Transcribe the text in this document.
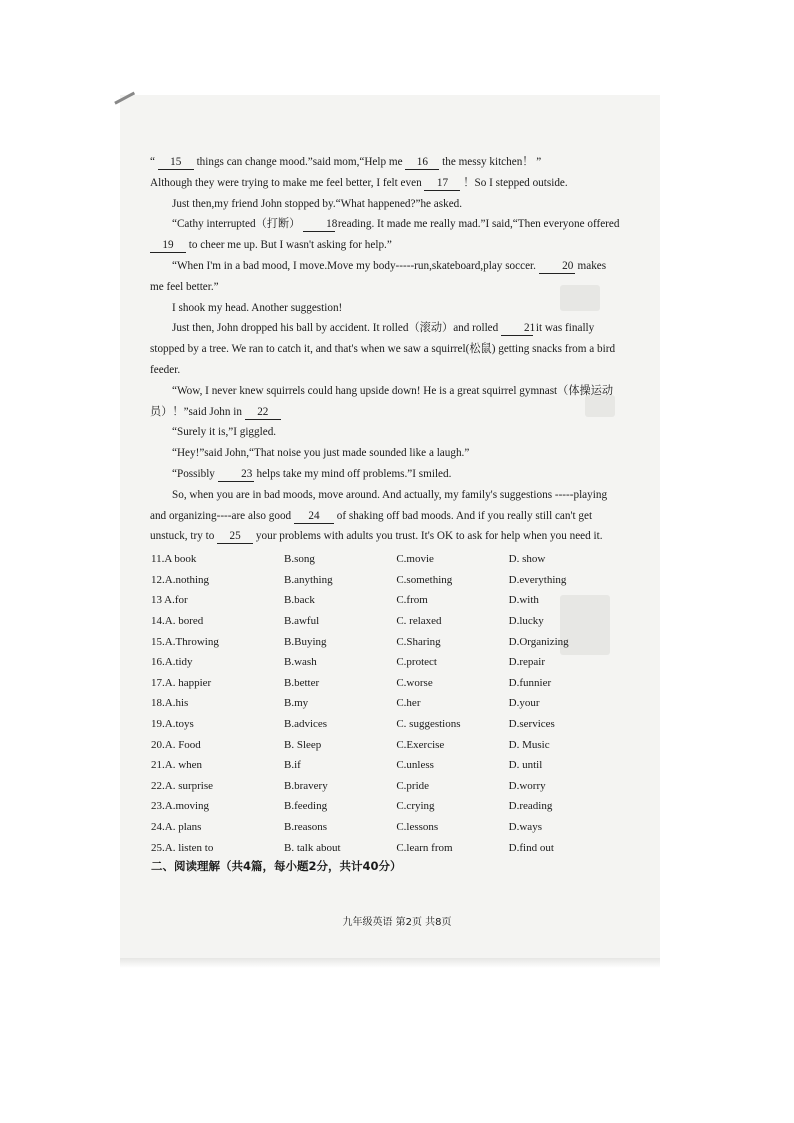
“ 15 things can change mood.”said mom,“Help me 16 the messy kitchen！ ”

Although they were trying to make me feel better, I felt even 17 ！So I stepped outside.

Just then,my friend John stopped by.“What happened?”he asked.

“Cathy interrupted（打断） 18 reading. It made me really mad.”I said,“Then everyone offered

19 to cheer me up. But I wasn't asking for help.”

“When I'm in a bad mood, I move.Move my body-----run,skateboard,play soccer. 20 makes

me feel better.”

I shook my head. Another suggestion!

Just then, John dropped his ball by accident. It rolled（滚动）and rolled 21 it was finally

stopped by a tree. We ran to catch it, and that's when we saw a squirrel(松鼠) getting snacks from a bird

feeder.

“Wow, I never knew squirrels could hang upside down! He is a great squirrel gymnast（体操运动

员）！”said John in 22

“Surely it is,”I giggled.

“Hey!”said John,“That noise you just made sounded like a laugh.”

“Possibly 23 helps take my mind off problems.”I smiled.

So, when you are in bad moods, move around. And actually, my family's suggestions -----playing

and organizing----are also good 24 of shaking off bad moods. And if you really still can't get

unstuck, try to 25 your problems with adults you trust. It's OK to ask for help when you need it.

11.A book	B.song	C.movie	D. show
12.A.nothing	B.anything	C.something	D.everything
13 A.for	B.back	C.from	D.with
14.A. bored	B.awful	C. relaxed	D.lucky
15.A.Throwing	B.Buying	C.Sharing	D.Organizing
16.A.tidy	B.wash	C.protect	D.repair
17.A. happier	B.better	C.worse	D.funnier
18.A.his	B.my	C.her	D.your
19.A.toys	B.advices	C. suggestions	D.services
20.A. Food	B. Sleep	C.Exercise	D. Music
21.A. when	B.if	C.unless	D. until
22.A. surprise	B.bravery	C.pride	D.worry
23.A.moving	B.feeding	C.crying	D.reading
24.A. plans	B.reasons	C.lessons	D.ways
25.A. listen to	B. talk about	C.learn from	D.find out
二、阅读理解（共4篇，每小题2分，共计40分）
九年级英语 第2页 共8页
